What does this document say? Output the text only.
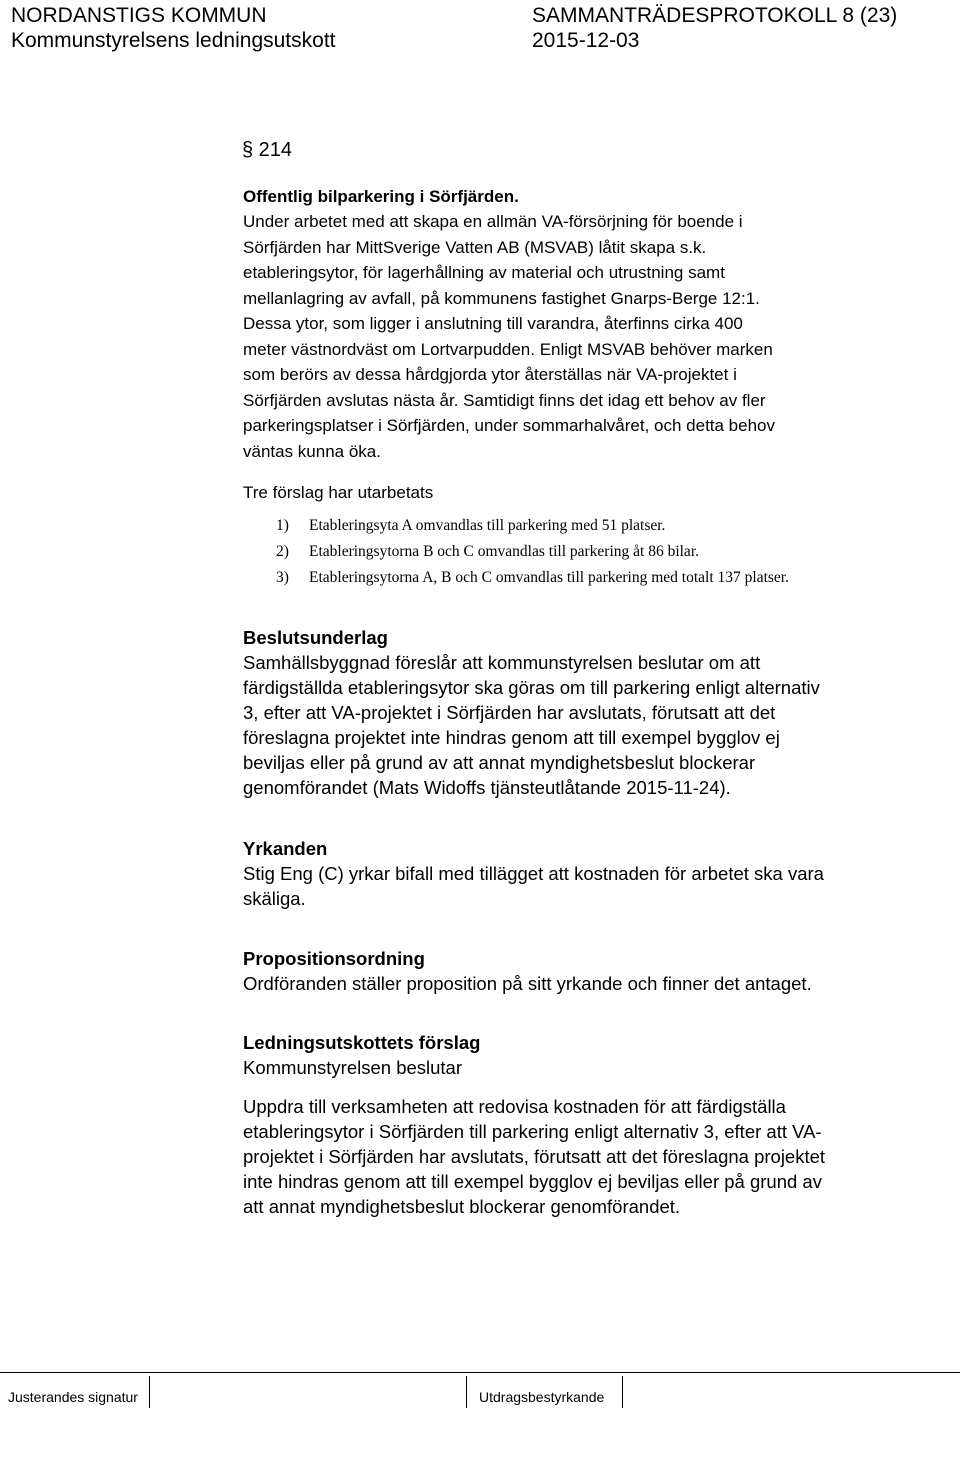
NORDANSTIGS KOMMUN	SAMMANTRÄDESPROTOKOLL 8 (23)
Kommunstyrelsens ledningsutskott	2015-12-03
§ 214
Offentlig bilparkering i Sörfjärden.
Under arbetet med att skapa en allmän VA-försörjning för boende i
Sörfjärden har MittSverige Vatten AB (MSVAB) låtit skapa s.k.
etableringsytor, för lagerhållning av material och utrustning samt
mellanlagring av avfall, på kommunens fastighet Gnarps-Berge 12:1.
Dessa ytor, som ligger i anslutning till varandra, återfinns cirka 400
meter västnordväst om Lortvarpudden. Enligt MSVAB behöver marken
som berörs av dessa hårdgjorda ytor återställas när VA-projektet i
Sörfjärden avslutas nästa år. Samtidigt finns det idag ett behov av fler
parkeringsplatser i Sörfjärden, under sommarhalvåret, och detta behov
väntas kunna öka.
Tre förslag har utarbetats
1) Etableringsyta A omvandlas till parkering med 51 platser.
2) Etableringsytorna B och C omvandlas till parkering åt 86 bilar.
3) Etableringsytorna A, B och C omvandlas till parkering med totalt 137 platser.
Beslutsunderlag
Samhällsbyggnad föreslår att kommunstyrelsen beslutar om att
färdigställda etableringsytor ska göras om till parkering enligt alternativ
3, efter att VA-projektet i Sörfjärden har avslutats, förutsatt att det
föreslagna projektet inte hindras genom att till exempel bygglov ej
beviljas eller på grund av att annat myndighetsbeslut blockerar
genomförandet (Mats Widoffs tjänsteutlåtande 2015-11-24).
Yrkanden
Stig Eng (C) yrkar bifall med tillägget att kostnaden för arbetet ska vara
skäliga.
Propositionsordning
Ordföranden ställer proposition på sitt yrkande och finner det antaget.
Ledningsutskottets förslag
Kommunstyrelsen beslutar
Uppdra till verksamheten att redovisa kostnaden för att färdigställa
etableringsytor i Sörfjärden till parkering enligt alternativ 3, efter att VA-
projektet i Sörfjärden har avslutats, förutsatt att det föreslagna projektet
inte hindras genom att till exempel bygglov ej beviljas eller på grund av
att annat myndighetsbeslut blockerar genomförandet.
Justerandes signatur	Utdragsbestyrkande
